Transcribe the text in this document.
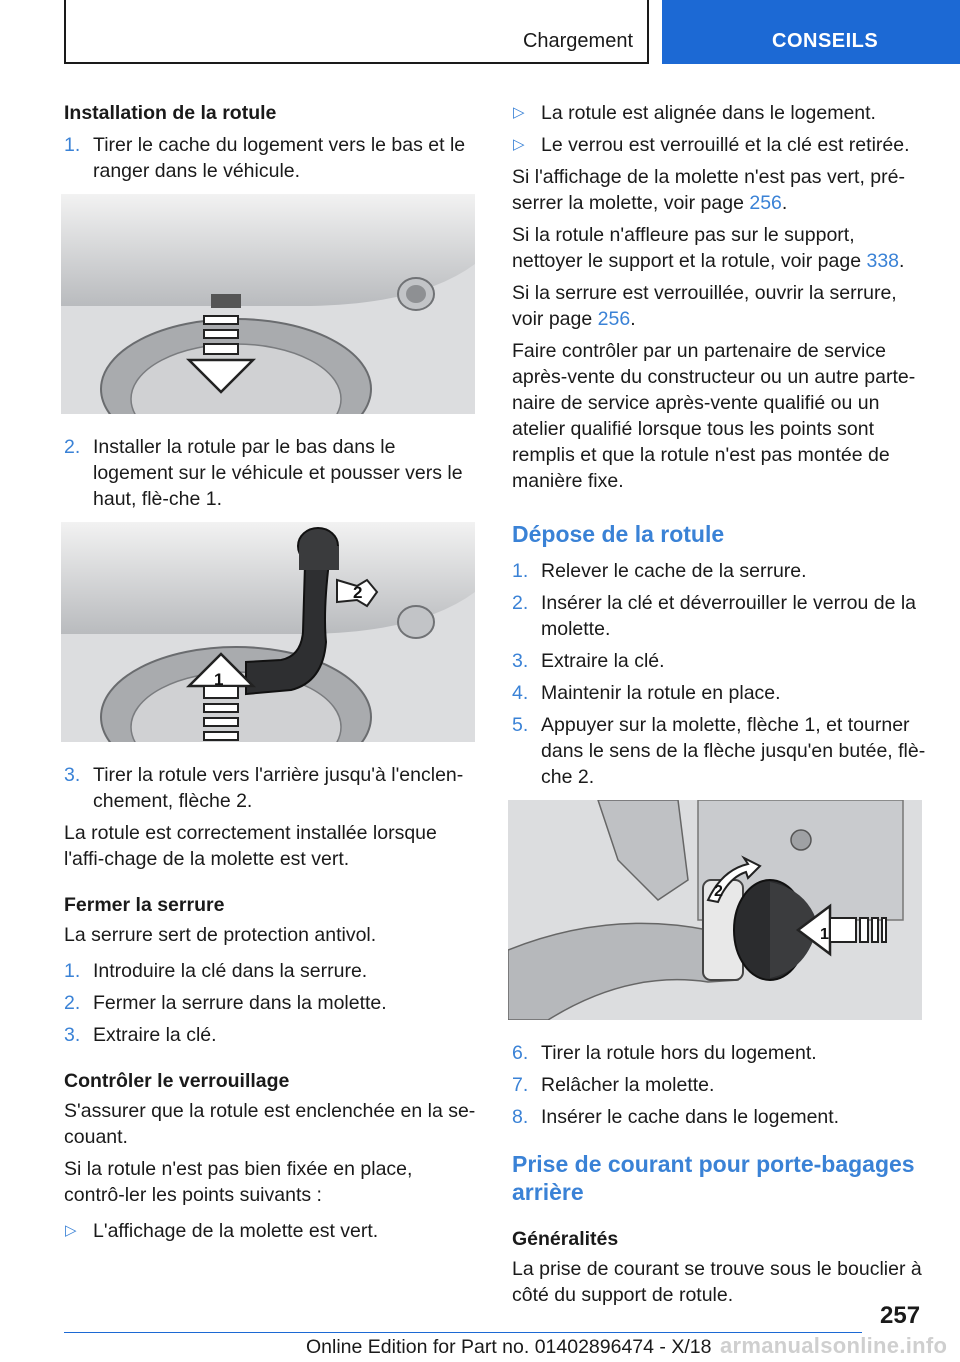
Chargement	CONSEILS
Installation de la rotule
1. Tirer le cache du logement vers le bas et le ranger dans le véhicule.
2. Installer la rotule par le bas dans le logement sur le véhicule et pousser vers le haut, flè‐che 1.
2
1
3. Tirer la rotule vers l'arrière jusqu'à l'enclen‐chement, flèche 2.

La rotule est correctement installée lorsque l'affi‐chage de la molette est vert.

Fermer la serrure

La serrure sert de protection antivol.

1. Introduire la clé dans la serrure.
2. Fermer la serrure dans la molette.
3. Extraire la clé.
Contrôler le verrouillage

S'assurer que la rotule est enclenchée en la se‐couant.

Si la rotule n'est pas bien fixée en place, contrô‐ler les points suivants :

▷ L'affichage de la molette est vert.
▷ La rotule est alignée dans le logement.
▷ Le verrou est verrouillé et la clé est retirée.

Si l'affichage de la molette n'est pas vert, pré‐serrer la molette, voir page 256.

Si la rotule n'affleure pas sur le support, nettoyer le support et la rotule, voir page 338.

Si la serrure est verrouillée, ouvrir la serrure, voir page 256.

Faire contrôler par un partenaire de service après-vente du constructeur ou un autre parte‐naire de service après-vente qualifié ou un atelier qualifié lorsque tous les points sont remplis et que la rotule n'est pas montée de manière fixe.

Dépose de la rotule
1. Relever le cache de la serrure.
2. Insérer la clé et déverrouiller le verrou de la molette.
3. Extraire la clé.
4. Maintenir la rotule en place.
5. Appuyer sur la molette, flèche 1, et tourner dans le sens de la flèche jusqu'en butée, flè‐che 2.
2
1
6. Tirer la rotule hors du logement.
7. Relâcher la molette.
8. Insérer le cache dans le logement.
Prise de courant pour porte-bagages arrière
Généralités

La prise de courant se trouve sous le bouclier à côté du support de rotule.

257
Online Edition for Part no. 01402896474 - X/18 armanualsonline.info
